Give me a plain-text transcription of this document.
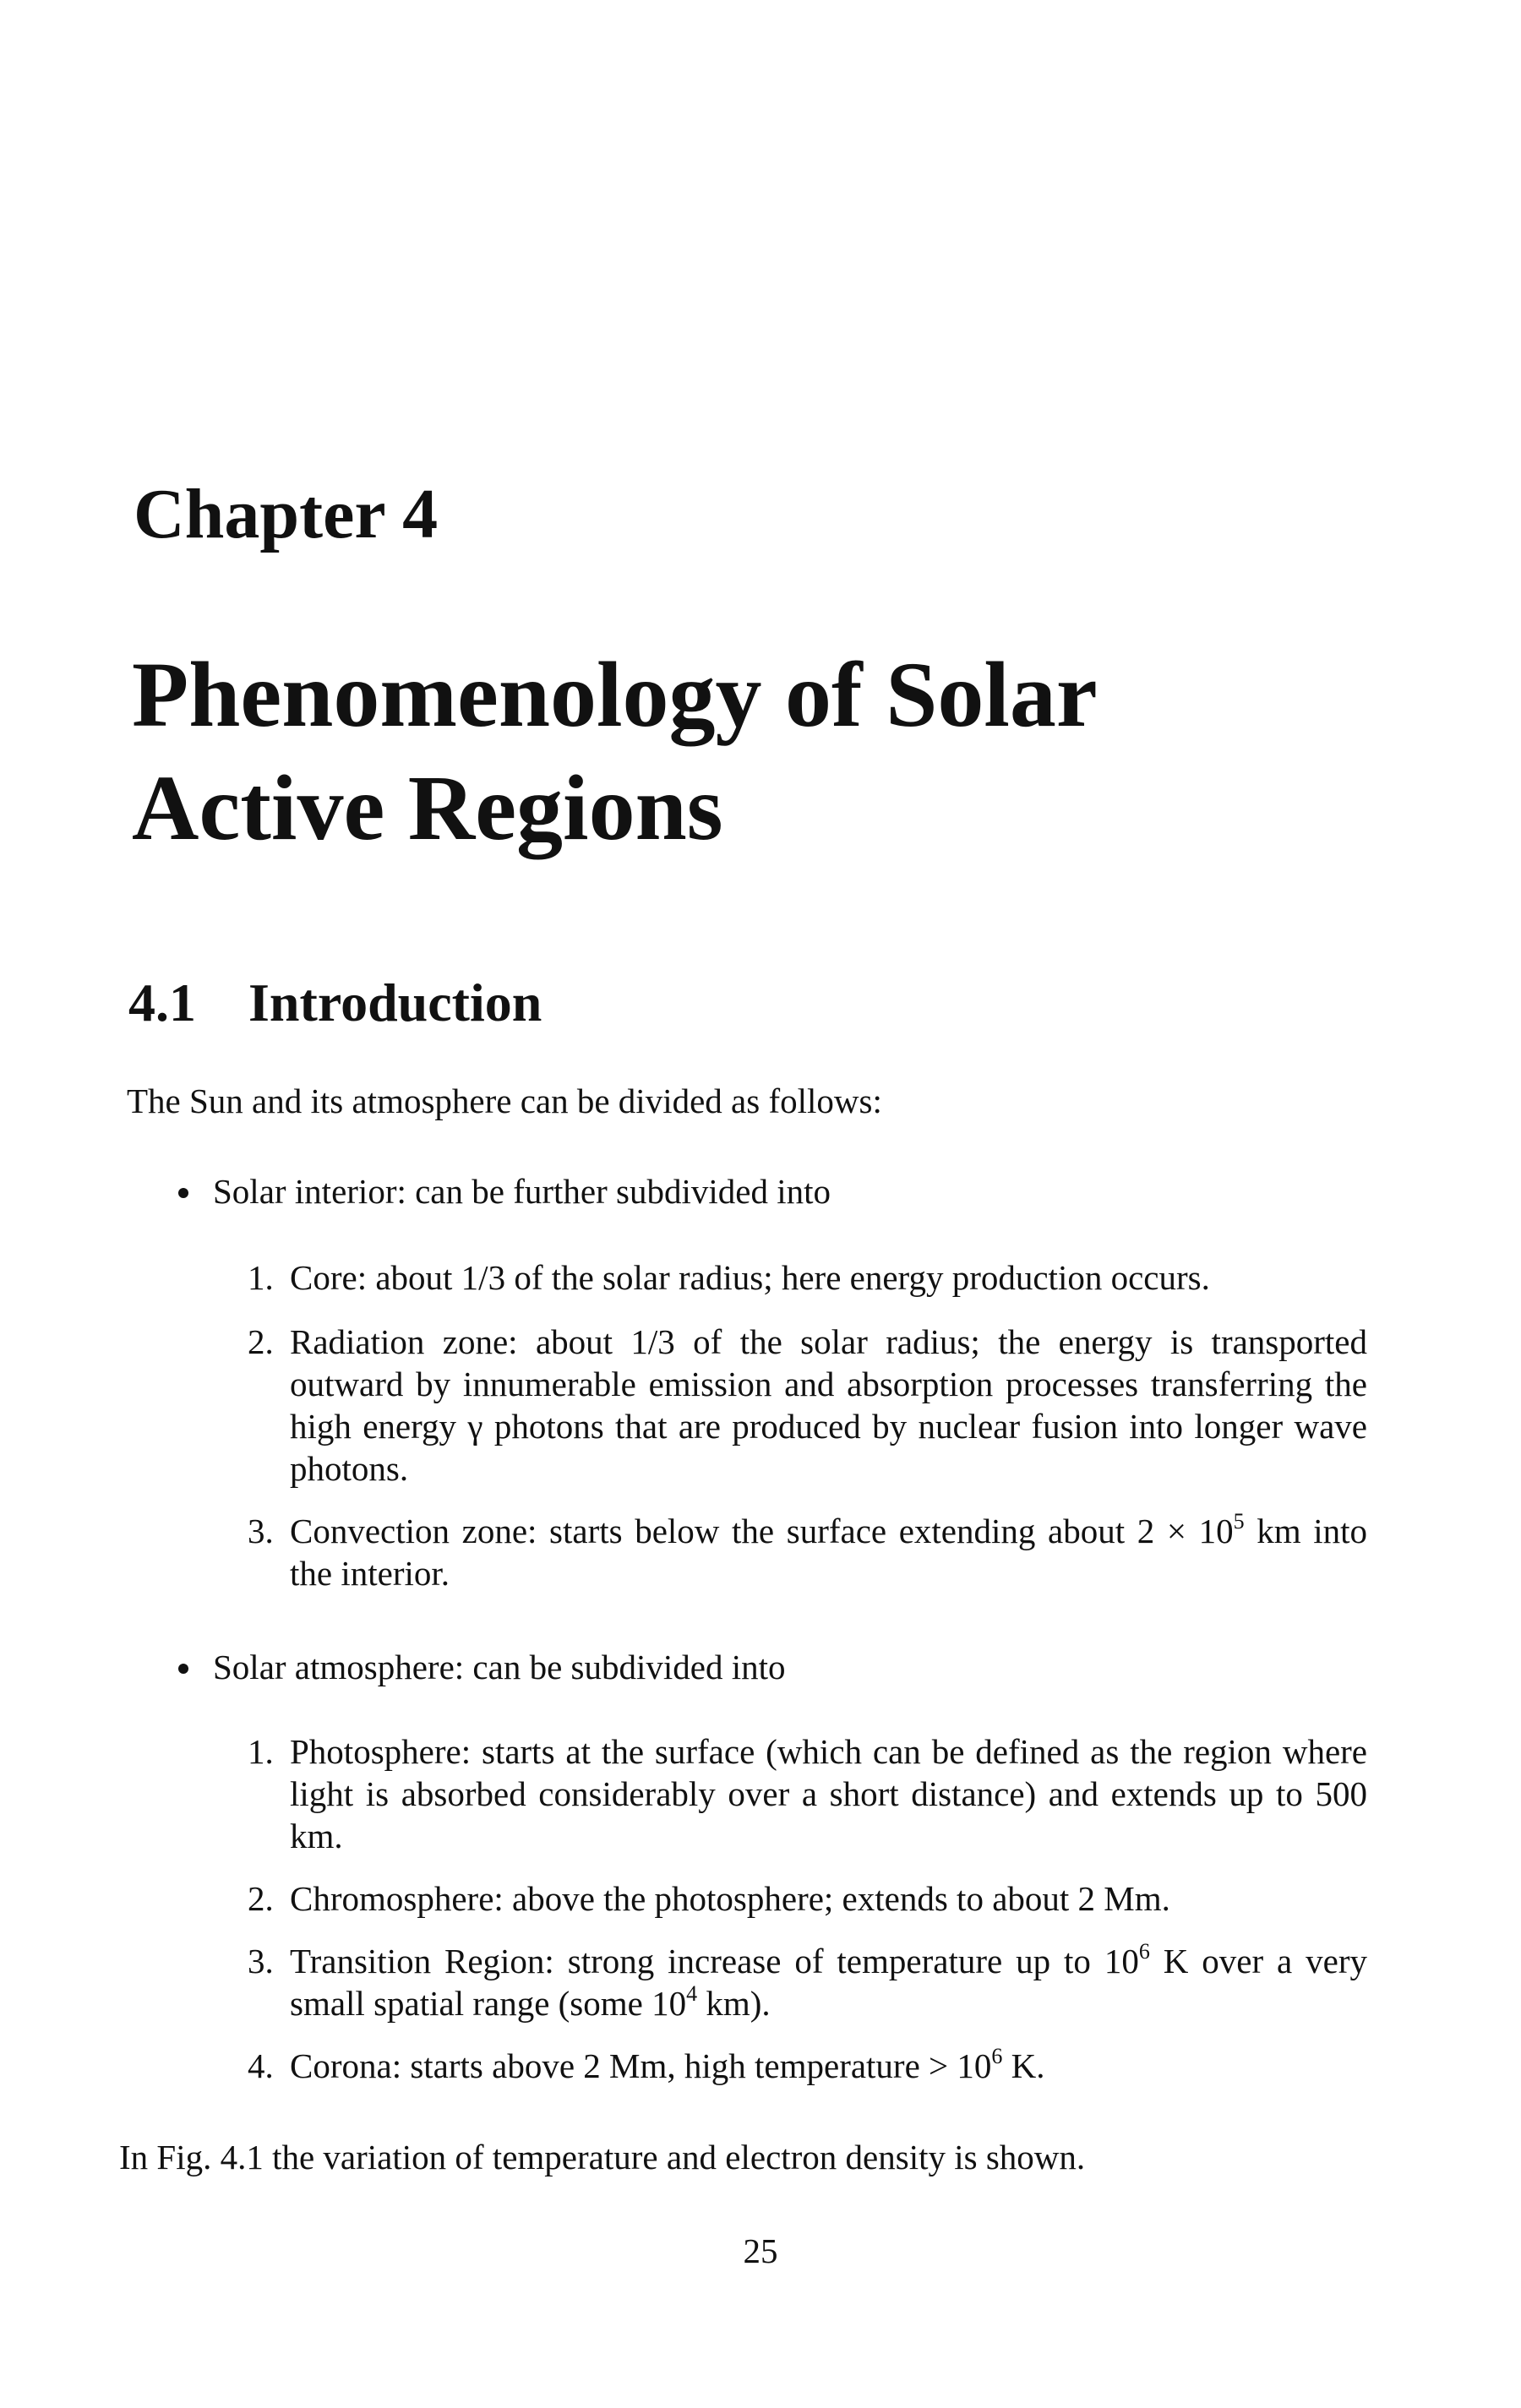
Chapter 4
Phenomenology of Solar
Active Regions
4.1 Introduction
The Sun and its atmosphere can be divided as follows:
Solar interior: can be further subdivided into
1. Core: about 1/3 of the solar radius; here energy production occurs.
2. Radiation zone: about 1/3 of the solar radius; the energy is transported outward by innumerable emission and absorption processes transferring the high energy γ photons that are produced by nuclear fusion into longer wave photons.
3. Convection zone: starts below the surface extending about $2 \times 10^5$ km into the interior.
Solar atmosphere: can be subdivided into
1. Photosphere: starts at the surface (which can be defined as the region where light is absorbed considerably over a short distance) and extends up to 500 km.
2. Chromosphere: above the photosphere; extends to about 2 Mm.
3. Transition Region: strong increase of temperature up to $10^6$ K over a very small spatial range (some $10^4$ km).
4. Corona: starts above 2 Mm, high temperature > $10^6$ K.
In Fig. 4.1 the variation of temperature and electron density is shown.
25
